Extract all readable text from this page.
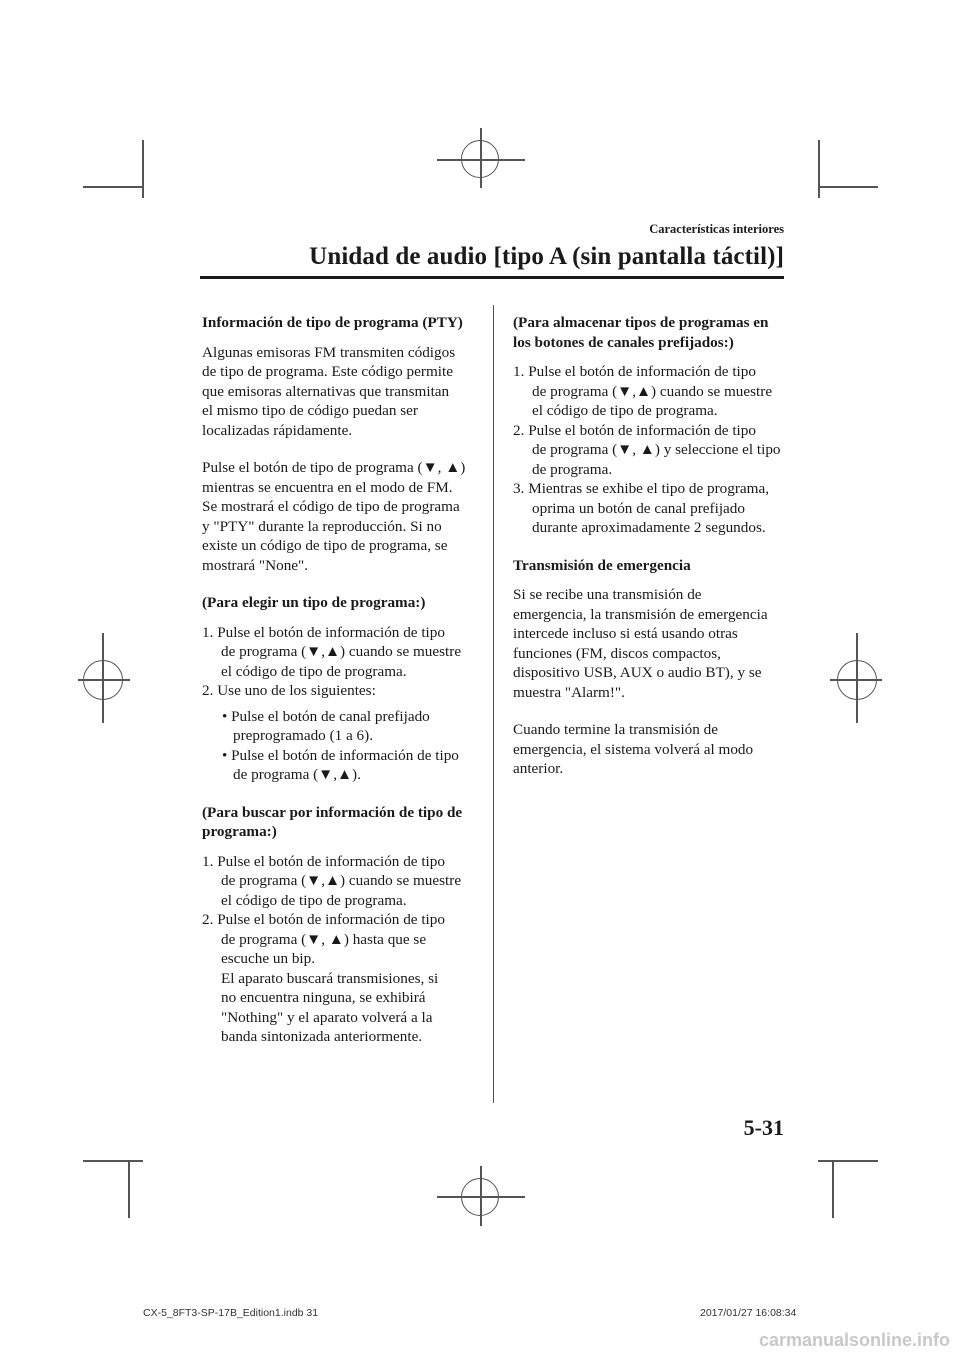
Características interiores
Unidad de audio [tipo A (sin pantalla táctil)]

Información de tipo de programa (PTY)

Algunas emisoras FM transmiten códigos

de tipo de programa. Este código permite

que emisoras alternativas que transmitan

el mismo tipo de código puedan ser

localizadas rápidamente.

Pulse el botón de tipo de programa (▼, ▲)

mientras se encuentra en el modo de FM.

Se mostrará el código de tipo de programa

y "PTY" durante la reproducción. Si no

existe un código de tipo de programa, se

mostrará "None".

(Para elegir un tipo de programa:)

1. Pulse el botón de información de tipo

de programa (▼,▲) cuando se muestre

el código de tipo de programa.

2. Use uno de los siguientes:

• Pulse el botón de canal prefijado

preprogramado (1 a 6).

• Pulse el botón de información de tipo

de programa (▼,▲).

(Para buscar por información de tipo de

programa:)

1. Pulse el botón de información de tipo

de programa (▼,▲) cuando se muestre

el código de tipo de programa.

2. Pulse el botón de información de tipo

de programa (▼, ▲) hasta que se

escuche un bip.

El aparato buscará transmisiones, si

no encuentra ninguna, se exhibirá

"Nothing" y el aparato volverá a la

banda sintonizada anteriormente.

(Para almacenar tipos de programas en

los botones de canales prefijados:)

1. Pulse el botón de información de tipo

de programa (▼,▲) cuando se muestre

el código de tipo de programa.

2. Pulse el botón de información de tipo

de programa (▼, ▲) y seleccione el tipo

de programa.

3. Mientras se exhibe el tipo de programa,

oprima un botón de canal prefijado

durante aproximadamente 2 segundos.

Transmisión de emergencia

Si se recibe una transmisión de

emergencia, la transmisión de emergencia

intercede incluso si está usando otras

funciones (FM, discos compactos,

dispositivo USB, AUX o audio BT), y se

muestra "Alarm!".

Cuando termine la transmisión de

emergencia, el sistema volverá al modo

anterior.

5-31
CX-5_8FT3-SP-17B_Edition1.indb 31	2017/01/27 16:08:34
carmanualsonline.info
